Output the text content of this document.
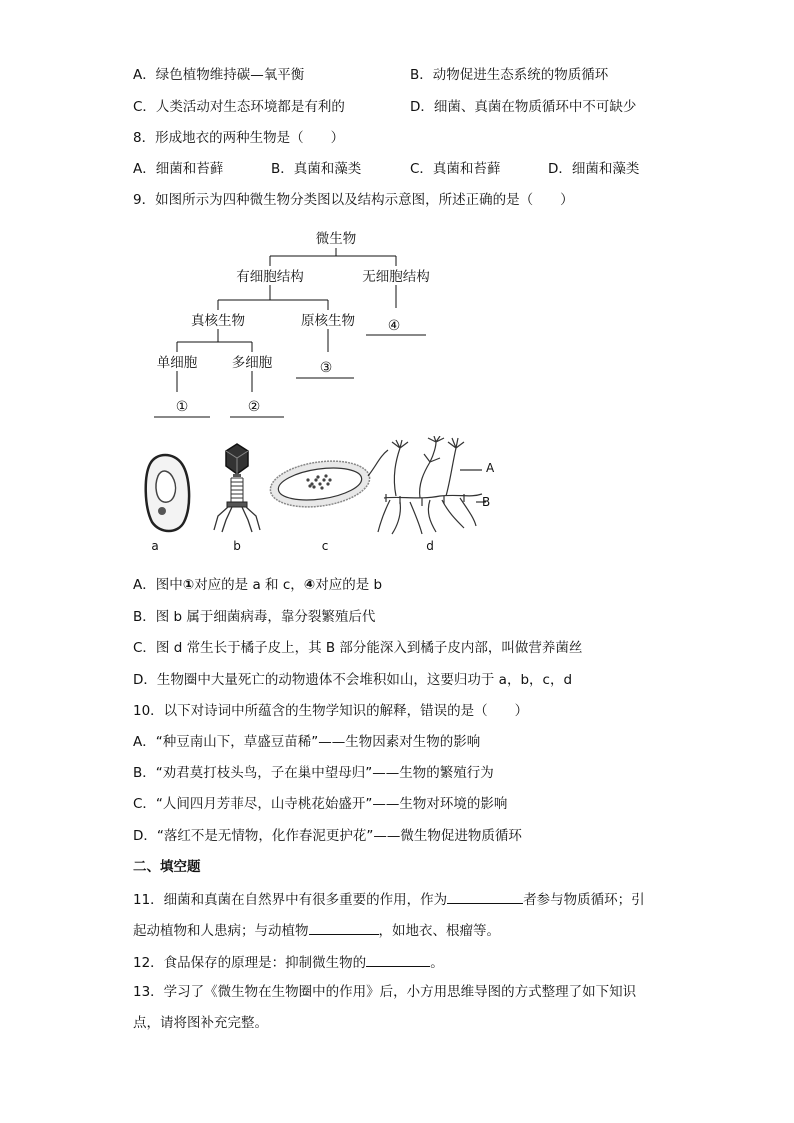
A．绿色植物维持碳—氧平衡	B．动物促进生态系统的物质循环
C．人类活动对生态环境都是有利的	D．细菌、真菌在物质循环中不可缺少
8．形成地衣的两种生物是（　　）
A．细菌和苔藓	B．真菌和藻类	C．真菌和苔藓	D．细菌和藻类
9．如图所示为四种微生物分类图以及结构示意图，所述正确的是（　　）
微生物
有细胞结构	无细胞结构
真核生物	原核生物 ④
单细胞	多细胞	③
①	②
a	b	c
A
B
d
A．图中①对应的是 a 和 c，④对应的是 b
B．图 b 属于细菌病毒，靠分裂繁殖后代
C．图 d 常生长于橘子皮上，其 B 部分能深入到橘子皮内部，叫做营养菌丝
D．生物圈中大量死亡的动物遗体不会堆积如山，这要归功于 a，b，c，d
10．以下对诗词中所蕴含的生物学知识的解释，错误的是（　　）
A．“种豆南山下，草盛豆苗稀”——生物因素对生物的影响
B．“劝君莫打枝头鸟，子在巢中望母归”——生物的繁殖行为
C．“人间四月芳菲尽，山寺桃花始盛开”——生物对环境的影响
D．“落红不是无情物，化作春泥更护花”——微生物促进物质循环
二、填空题
11．细菌和真菌在自然界中有很多重要的作用，作为	者参与物质循环；引
起动植物和人患病；与动植物	，如地衣、根瘤等。
12．食品保存的原理是：抑制微生物的	。
13．学习了《微生物在生物圈中的作用》后，小方用思维导图的方式整理了如下知识
点，请将图补充完整。
